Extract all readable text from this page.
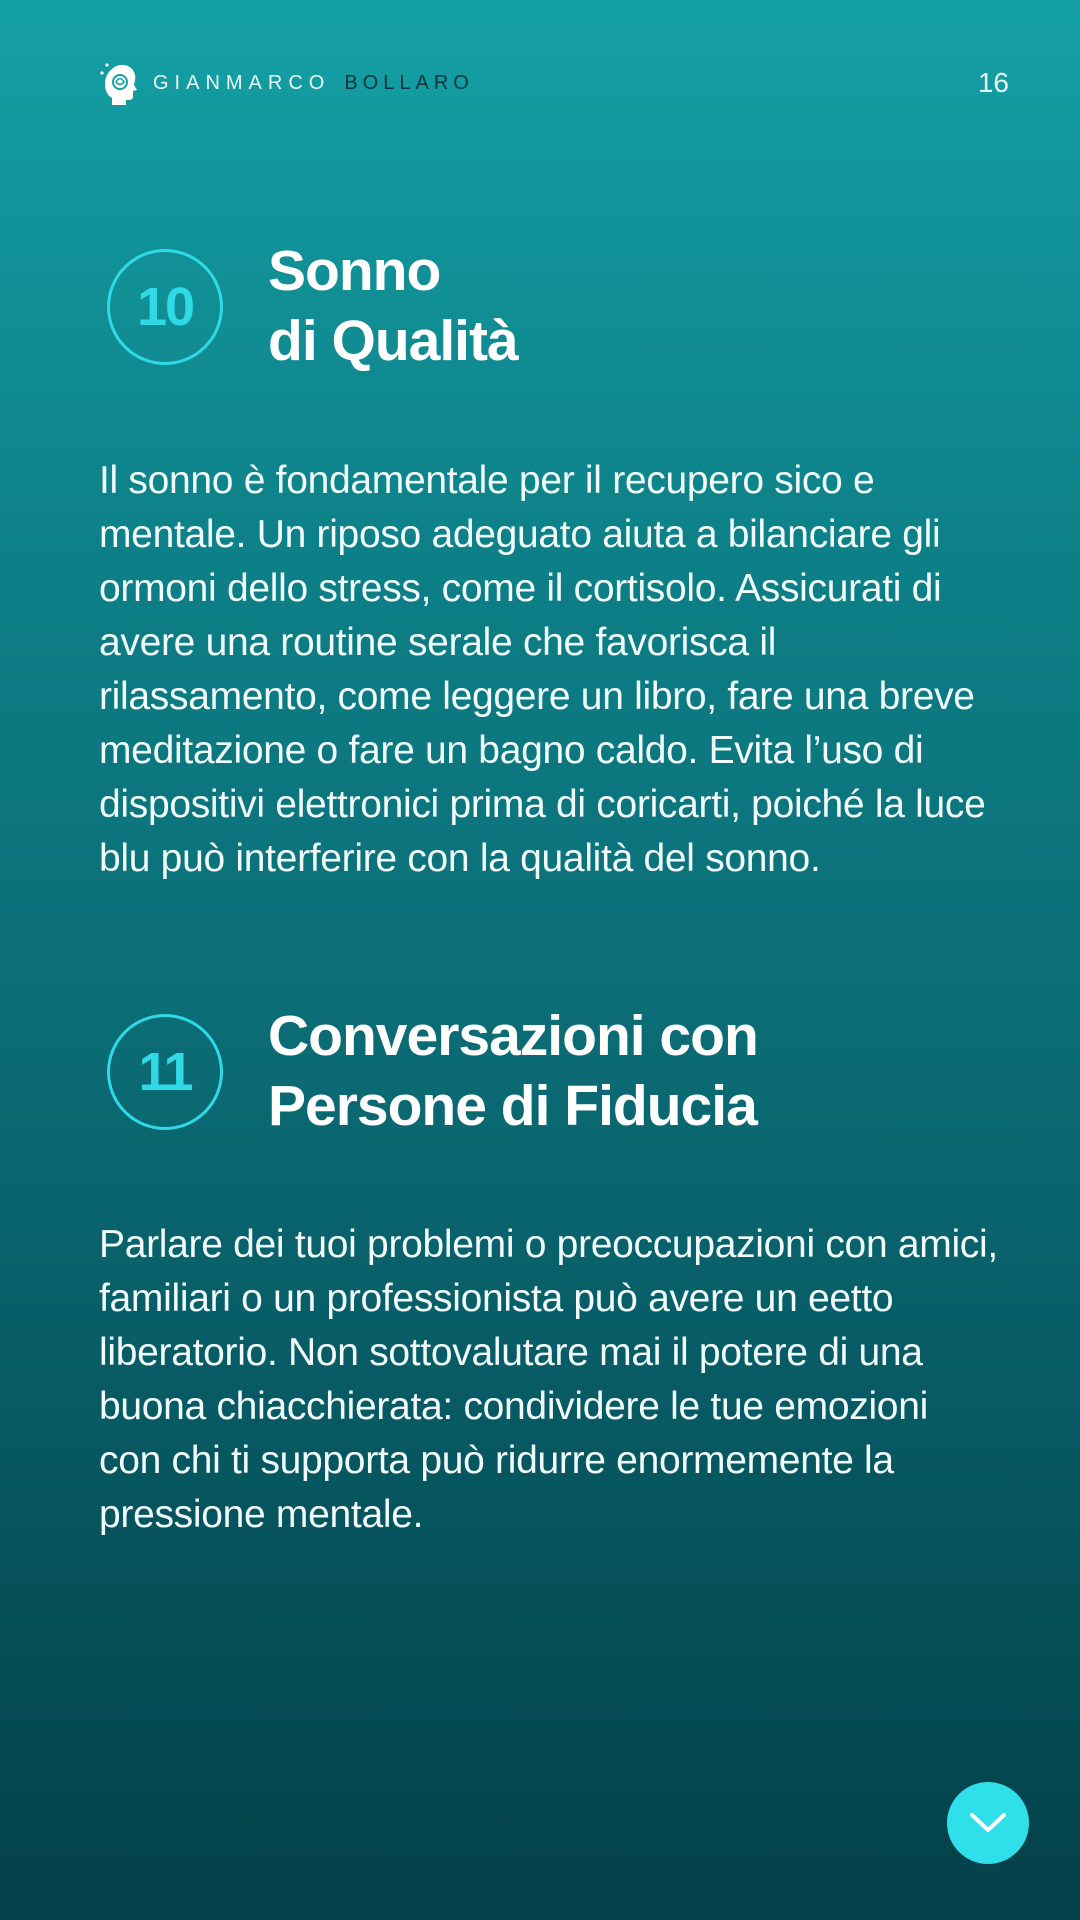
GIANMARCO BOLLARO	16
10
Sonno
di Qualità
Il sonno è fondamentale per il recupero sico e mentale. Un riposo adeguato aiuta a bilanciare gli ormoni dello stress, come il cortisolo. Assicurati di avere una routine serale che favorisca il rilassamento, come leggere un libro, fare una breve meditazione o fare un bagno caldo. Evita l’uso di dispositivi elettronici prima di coricarti, poiché la luce blu può interferire con la qualità del sonno.
11
Conversazioni con
Persone di Fiducia
Parlare dei tuoi problemi o preoccupazioni con amici, familiari o un professionista può avere un eetto liberatorio. Non sottovalutare mai il potere di una buona chiacchierata: condividere le tue emozioni con chi ti supporta può ridurre enormemente la pressione mentale.
